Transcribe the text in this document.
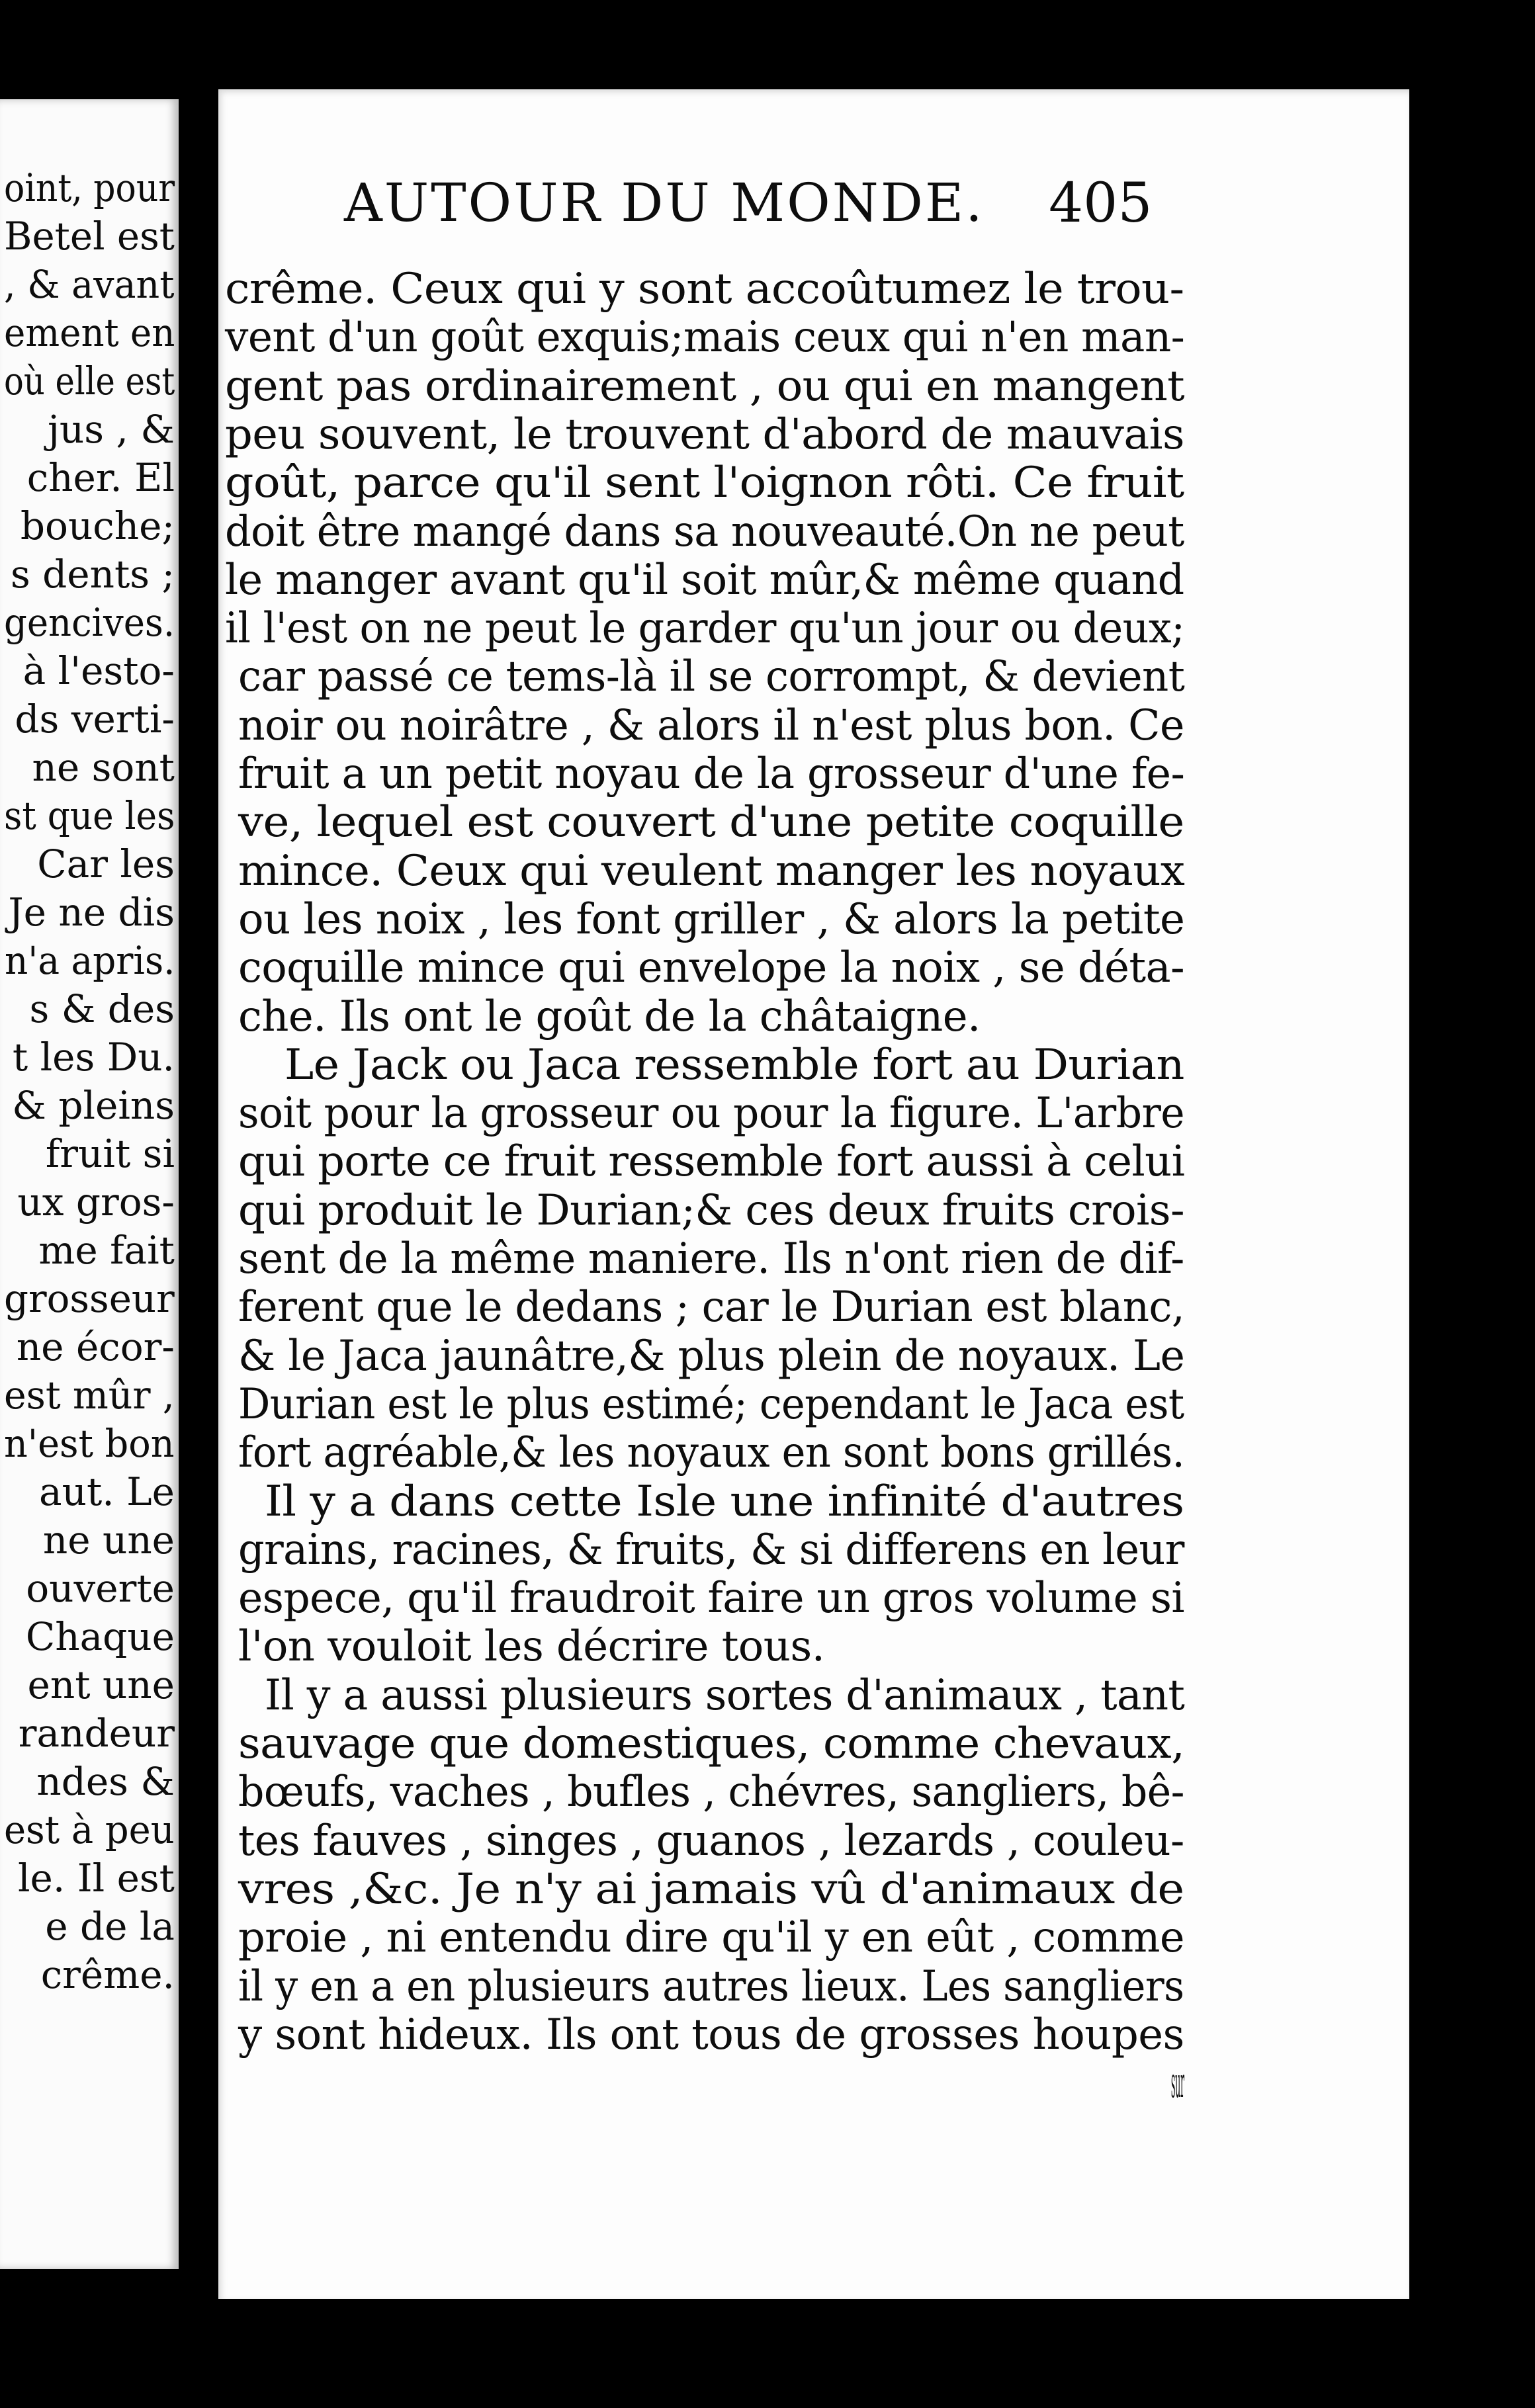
oint, pour
Betel est
, & avant
ement en
où elle est
jus , &
cher. El
bouche;
s dents ;
gencives.
à l'esto-
ds verti-
ne sont
st que les
Car les
Je ne dis
n'a apris.
s & des
t les Du.
& pleins
fruit si
ux gros-
me fait
grosseur
ne écor-
est mûr ,
n'est bon
aut. Le
ne une
ouverte
Chaque
ent une
randeur
ndes &
est à peu
le. Il est
e de la
crême.
AUTOUR DU MONDE. 405
crême. Ceux qui y sont accoûtumez le trou-
vent d'un goût exquis;mais ceux qui n'en man-
gent pas ordinairement , ou qui en mangent
peu souvent, le trouvent d'abord de mauvais
goût, parce qu'il sent l'oignon rôti. Ce fruit
doit être mangé dans sa nouveauté.On ne peut
le manger avant qu'il soit mûr,& même quand
il l'est on ne peut le garder qu'un jour ou deux;
car passé ce tems-là il se corrompt, & devient
noir ou noirâtre , & alors il n'est plus bon. Ce
fruit a un petit noyau de la grosseur d'une fe-
ve, lequel est couvert d'une petite coquille
mince. Ceux qui veulent manger les noyaux
ou les noix , les font griller , & alors la petite
coquille mince qui envelope la noix , se déta-
che. Ils ont le goût de la châtaigne.
Le Jack ou Jaca ressemble fort au Durian
soit pour la grosseur ou pour la figure. L'arbre
qui porte ce fruit ressemble fort aussi à celui
qui produit le Durian;& ces deux fruits crois-
sent de la même maniere. Ils n'ont rien de dif-
ferent que le dedans ; car le Durian est blanc,
& le Jaca jaunâtre,& plus plein de noyaux. Le
Durian est le plus estimé; cependant le Jaca est
fort agréable,& les noyaux en sont bons grillés.
Il y a dans cette Isle une infinité d'autres
grains, racines, & fruits, & si differens en leur
espece, qu'il fraudroit faire un gros volume si
l'on vouloit les décrire tous.
Il y a aussi plusieurs sortes d'animaux , tant
sauvage que domestiques, comme chevaux,
bœufs, vaches , bufles , chévres, sangliers, bê-
tes fauves , singes , guanos , lezards , couleu-
vres ,&c. Je n'y ai jamais vû d'animaux de
proie , ni entendu dire qu'il y en eût , comme
il y en a en plusieurs autres lieux. Les sangliers
y sont hideux. Ils ont tous de grosses houpes
sur
